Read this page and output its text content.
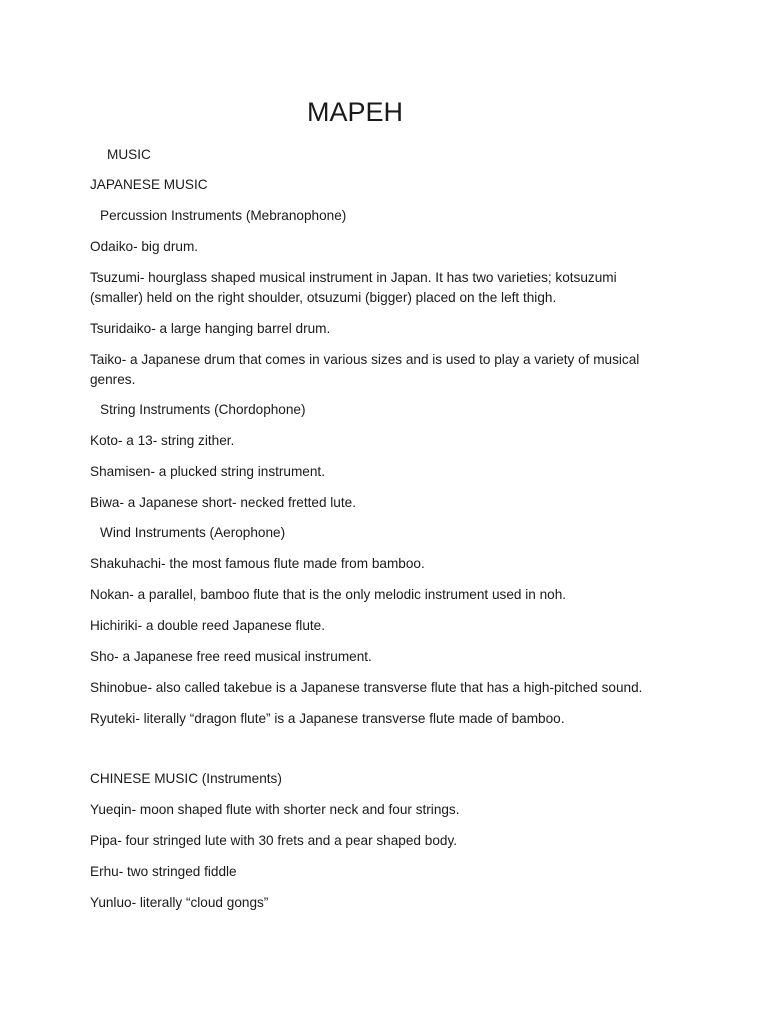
MAPEH
MUSIC
JAPANESE MUSIC
Percussion Instruments (Mebranophone)
Odaiko- big drum.
Tsuzumi- hourglass shaped musical instrument in Japan. It has two varieties; kotsuzumi
(smaller) held on the right shoulder, otsuzumi (bigger) placed on the left thigh.
Tsuridaiko- a large hanging barrel drum.
Taiko- a Japanese drum that comes in various sizes and is used to play a variety of musical
genres.
String Instruments (Chordophone)
Koto- a 13- string zither.
Shamisen- a plucked string instrument.
Biwa- a Japanese short- necked fretted lute.
Wind Instruments (Aerophone)
Shakuhachi- the most famous flute made from bamboo.
Nokan- a parallel, bamboo flute that is the only melodic instrument used in noh.
Hichiriki- a double reed Japanese flute.
Sho- a Japanese free reed musical instrument.
Shinobue- also called takebue is a Japanese transverse flute that has a high-pitched sound.
Ryuteki- literally “dragon flute” is a Japanese transverse flute made of bamboo.
CHINESE MUSIC (Instruments)
Yueqin- moon shaped flute with shorter neck and four strings.
Pipa- four stringed lute with 30 frets and a pear shaped body.
Erhu- two stringed fiddle
Yunluo- literally “cloud gongs”
